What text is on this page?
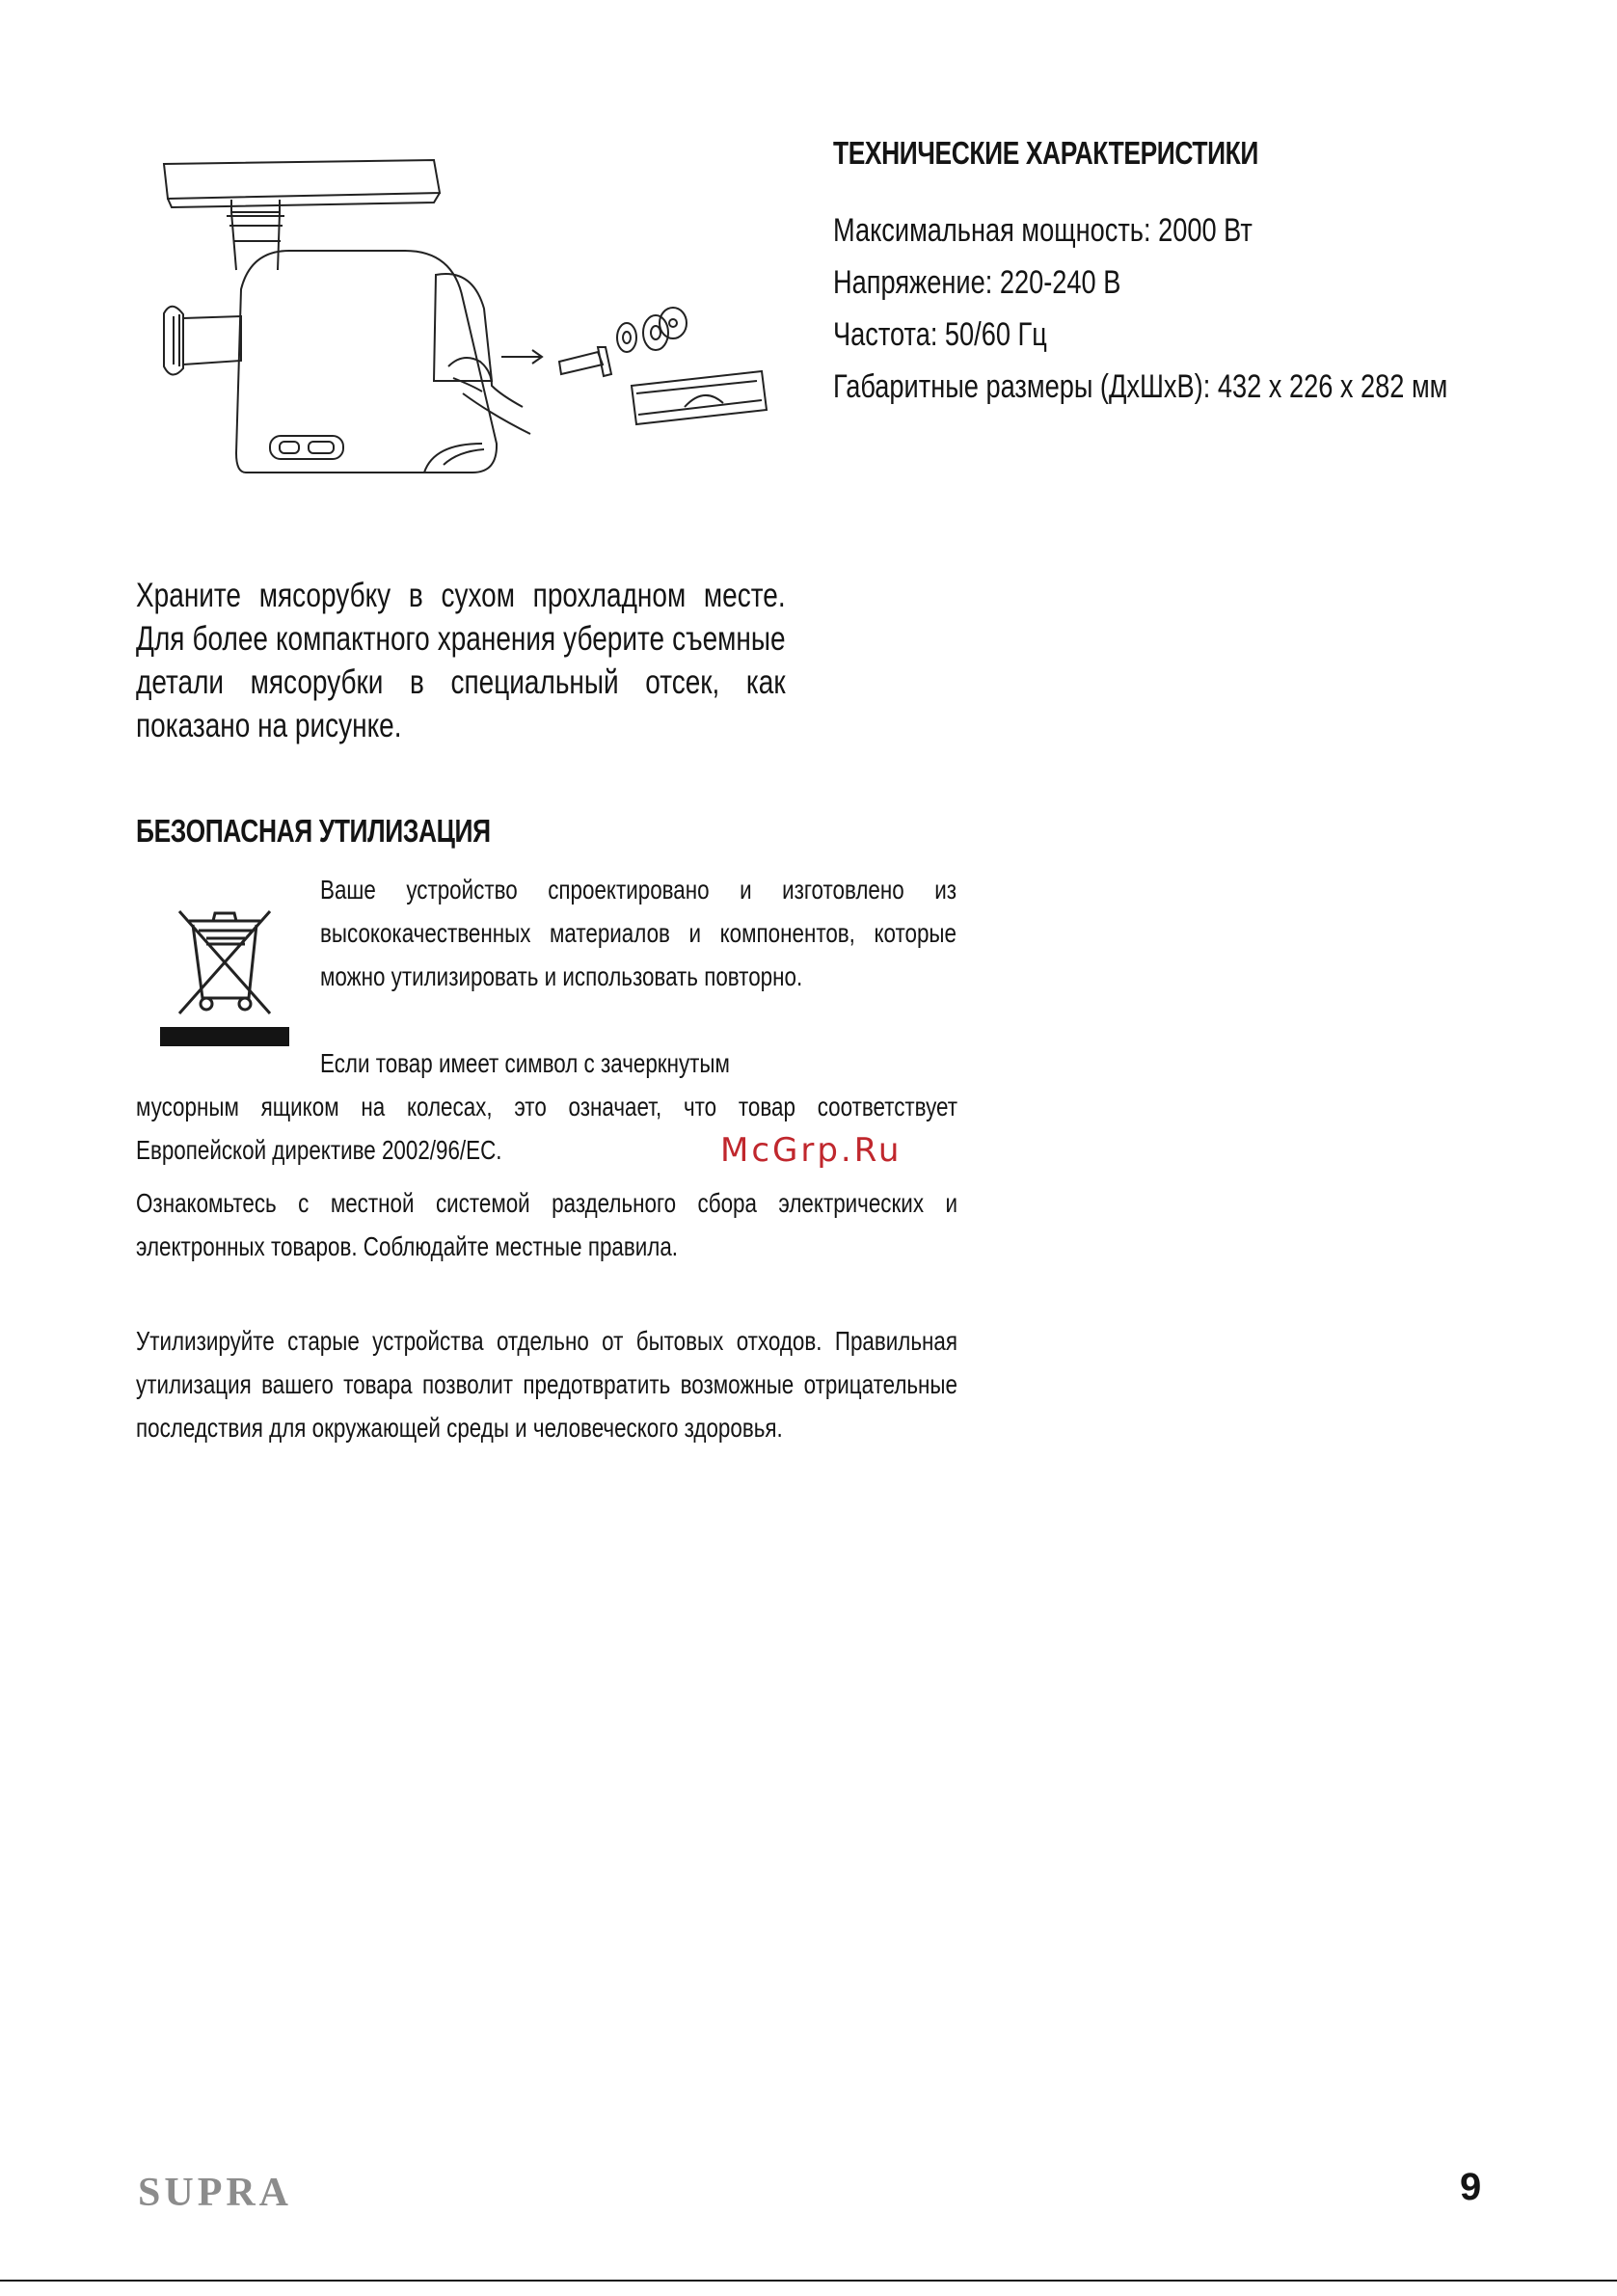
ТЕХНИЧЕСКИЕ ХАРАКТЕРИСТИКИ
Максимальная мощность: 2000 Вт
Напряжение: 220-240 В
Частота: 50/60 Гц
Габаритные размеры (ДхШхВ): 432 х 226 х 282 мм
Храните мясорубку в сухом прохладном месте. Для более компактного хранения уберите съемные детали мясорубки в специальный отсек, как показано на рисунке.
БЕЗОПАСНАЯ УТИЛИЗАЦИЯ
Ваше устройство спроектировано и изготовлено из высококачественных материалов и компонентов, которые можно утилизировать и использовать повторно.
Если товар имеет символ с зачеркнутым
мусорным ящиком на колесах, это означает, что товар соответствует Европейской директиве 2002/96/EC.
Ознакомьтесь с местной системой раздельного сбора электрических и электронных товаров. Соблюдайте местные правила.
Утилизируйте старые устройства отдельно от бытовых отходов. Правильная утилизация вашего товара позволит предотвратить возможные отрицательные последствия для окружающей среды и человеческого здоровья.
McGrp.Ru
SUPRA	9
